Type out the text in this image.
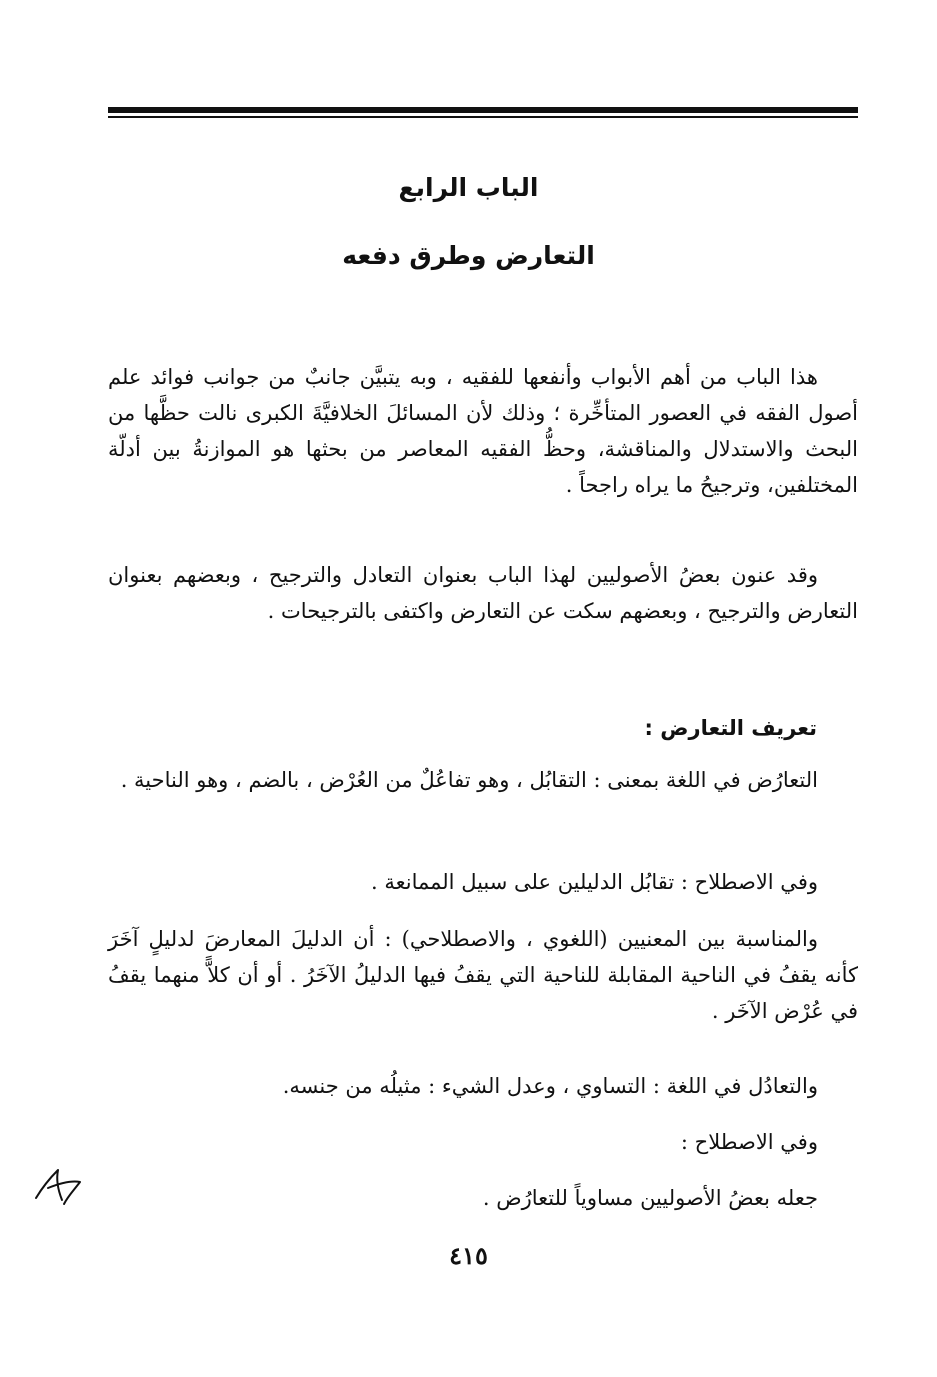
الباب الرابع
التعارض وطرق دفعه

هذا الباب من أهم الأبواب وأنفعها للفقيه ، وبه يتبيَّن جانبٌ من جوانب فوائد علم أصول الفقه في العصور المتأخِّرة ؛ وذلك لأن المسائلَ الخلافيَّةَ الكبرى نالت حظَّها من البحث والاستدلال والمناقشة، وحظُّ الفقيه المعاصر من بحثها هو الموازنةُ بين أدلّة المختلفين، وترجيحُ ما يراه راجحاً .

وقد عنون بعضُ الأصوليين لهذا الباب بعنوان التعادل والترجيح ، وبعضهم بعنوان التعارض والترجيح ، وبعضهم سكت عن التعارض واكتفى بالترجيحات .

تعريف التعارض :

التعارُض في اللغة بمعنى : التقابُل ، وهو تفاعُلٌ من العُرْض ، بالضم ، وهو الناحية .

وفي الاصطلاح : تقابُل الدليلين على سبيل الممانعة .

والمناسبة بين المعنيين (اللغوي ، والاصطلاحي) : أن الدليلَ المعارضَ لدليلٍ آخَرَ كأنه يقفُ في الناحية المقابلة للناحية التي يقفُ فيها الدليلُ الآخَرُ . أو أن كلاًّ منهما يقفُ في عُرْض الآخَر .

والتعادُل في اللغة : التساوي ، وعدل الشيء : مثيلُه من جنسه.

وفي الاصطلاح :

جعله بعضُ الأصوليين مساوياً للتعارُض .

٤١٥
